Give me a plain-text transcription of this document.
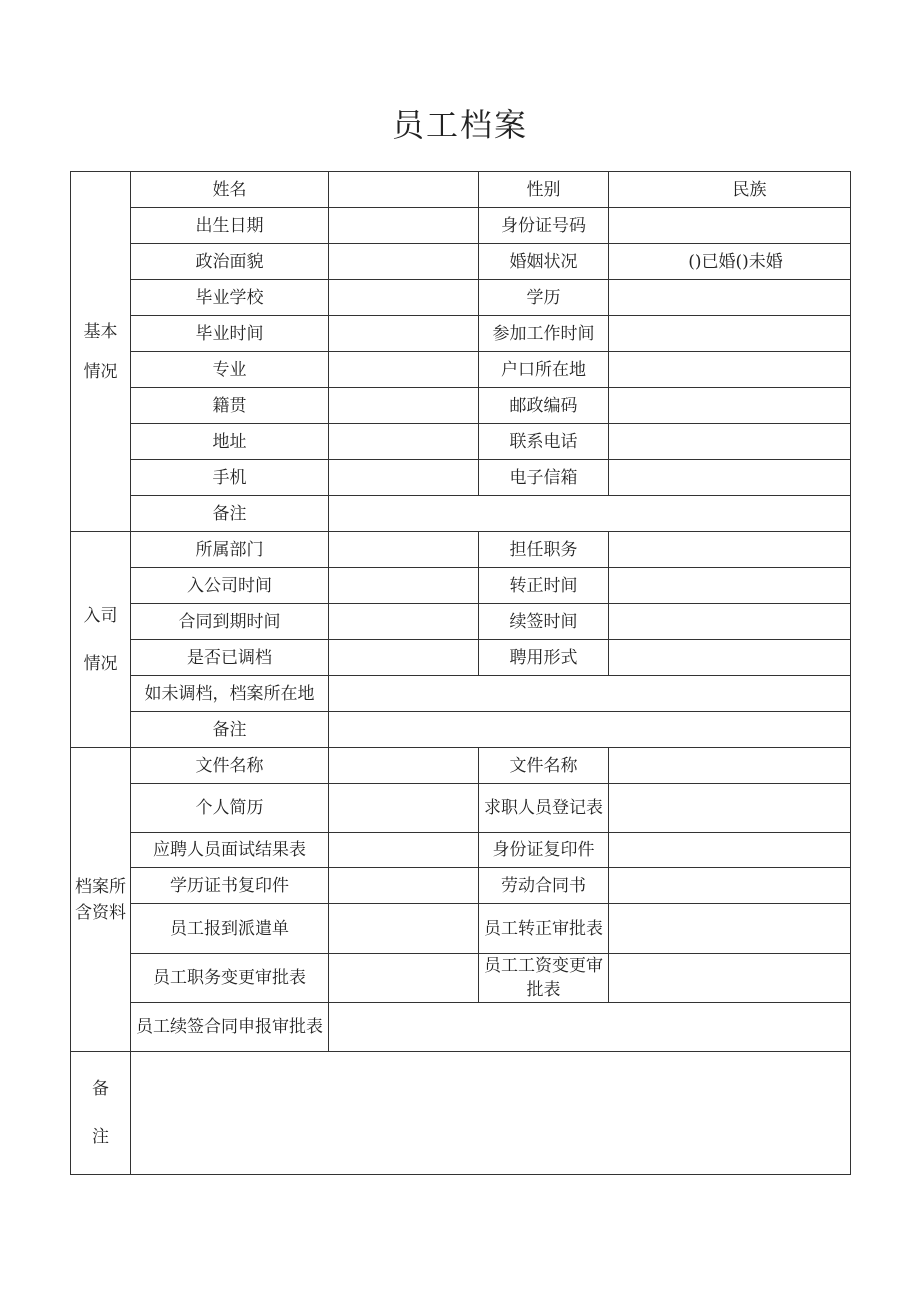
员工档案
基本
情况	姓名		性别	民族
	出生日期		身份证号码	
	政治面貌		婚姻状况	()已婚()未婚
	毕业学校		学历	
	毕业时间		参加工作时间	
	专业		户口所在地	
	籍贯		邮政编码	
	地址		联系电话	
	手机		电子信箱	
	备注			

入司
情况	所属部门		担任职务	
	入公司时间		转正时间	
	合同到期时间		续签时间	
	是否已调档		聘用形式	
	如未调档，档案所在地			
	备注			

档案所
含资料	文件名称		文件名称	
	个人简历		求职人员登记表	
	应聘人员面试结果表		身份证复印件	
	学历证书复印件		劳动合同书	
	员工报到派遣单		员工转正审批表	
	员工职务变更审批表		员工工资变更审批表	
	员工续签合同申报审批表			

备
注				
